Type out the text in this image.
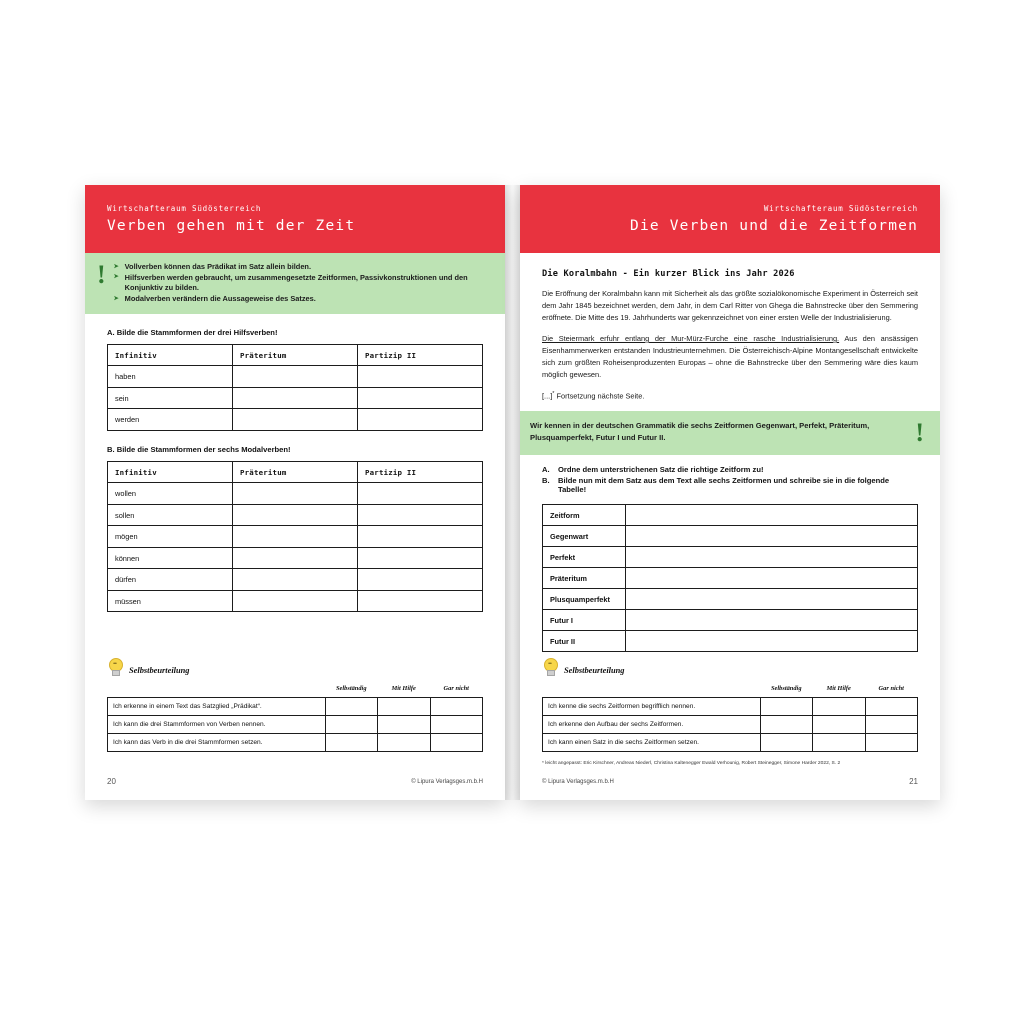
Wirtschafteraum Südösterreich
Verben gehen mit der Zeit
!	➤ Vollverben können das Prädikat im Satz allein bilden.
➤ Hilfsverben werden gebraucht, um zusammengesetzte Zeitformen, Passivkonstruktionen und den Konjunktiv zu bilden.
➤ Modalverben verändern die Aussageweise des Satzes.
A. Bilde die Stammformen der drei Hilfsverben!
Infinitiv	Präteritum	Partizip II
haben		
sein		
werden		
B. Bilde die Stammformen der sechs Modalverben!
Infinitiv	Präteritum	Partizip II
wollen		
sollen		
mögen		
können		
dürfen		
müssen		
••
Selbstbeurteilung
	Selbständig	Mit Hilfe	Gar nicht
Ich erkenne in einem Text das Satzglied „Prädikat“.			
Ich kann die drei Stammformen von Verben nennen.			
Ich kann das Verb in die drei Stammformen setzen.			
20	© Lipura Verlagsges.m.b.H
Wirtschafteraum Südösterreich
Die Verben und die Zeitformen
Die Koralmbahn - Ein kurzer Blick ins Jahr 2026

Die Eröffnung der Koralmbahn kann mit Sicherheit als das größte sozialökonomische Experiment in Österreich seit dem Jahr 1845 bezeichnet werden, dem Jahr, in dem Carl Ritter von Ghega die Bahnstrecke über den Semmering eröffnete. Die Mitte des 19. Jahrhunderts war gekennzeichnet von einer ersten Welle der Industrialisierung.

Die Steiermark erfuhr entlang der Mur-Mürz-Furche eine rasche Industrialisierung. Aus den ansässigen Eisenhammerwerken entstanden Industrieunternehmen. Die Österreichisch-Alpine Montangesellschaft entwickelte sich zum größten Roheisenproduzenten Europas – ohne die Bahnstrecke über den Semmering wäre dies kaum möglich gewesen.

[...]* Fortsetzung nächste Seite.

Wir kennen in der deutschen Grammatik die sechs Zeitformen Gegenwart, Perfekt, Präteritum, Plusquamperfekt, Futur I und Futur II.	!
A.	Ordne dem unterstrichenen Satz die richtige Zeitform zu!
B.	Bilde nun mit dem Satz aus dem Text alle sechs Zeitformen und schreibe sie in die folgende Tabelle!
Zeitform	
Gegenwart	
Perfekt	
Präteritum	
Plusquamperfekt	
Futur I	
Futur II	
••
Selbstbeurteilung
	Selbständig	Mit Hilfe	Gar nicht
Ich kenne die sechs Zeitformen begrifflich nennen.			
Ich erkenne den Aufbau der sechs Zeitformen.			
Ich kann einen Satz in die sechs Zeitformen setzen.			
* leicht angepasst: Eric Kirschner, Andreas Niederl, Christina Kaltenegger Ewald Verhounig, Robert Steinegger, Simone Harder 2022, S. 2
© Lipura Verlagsges.m.b.H	21
